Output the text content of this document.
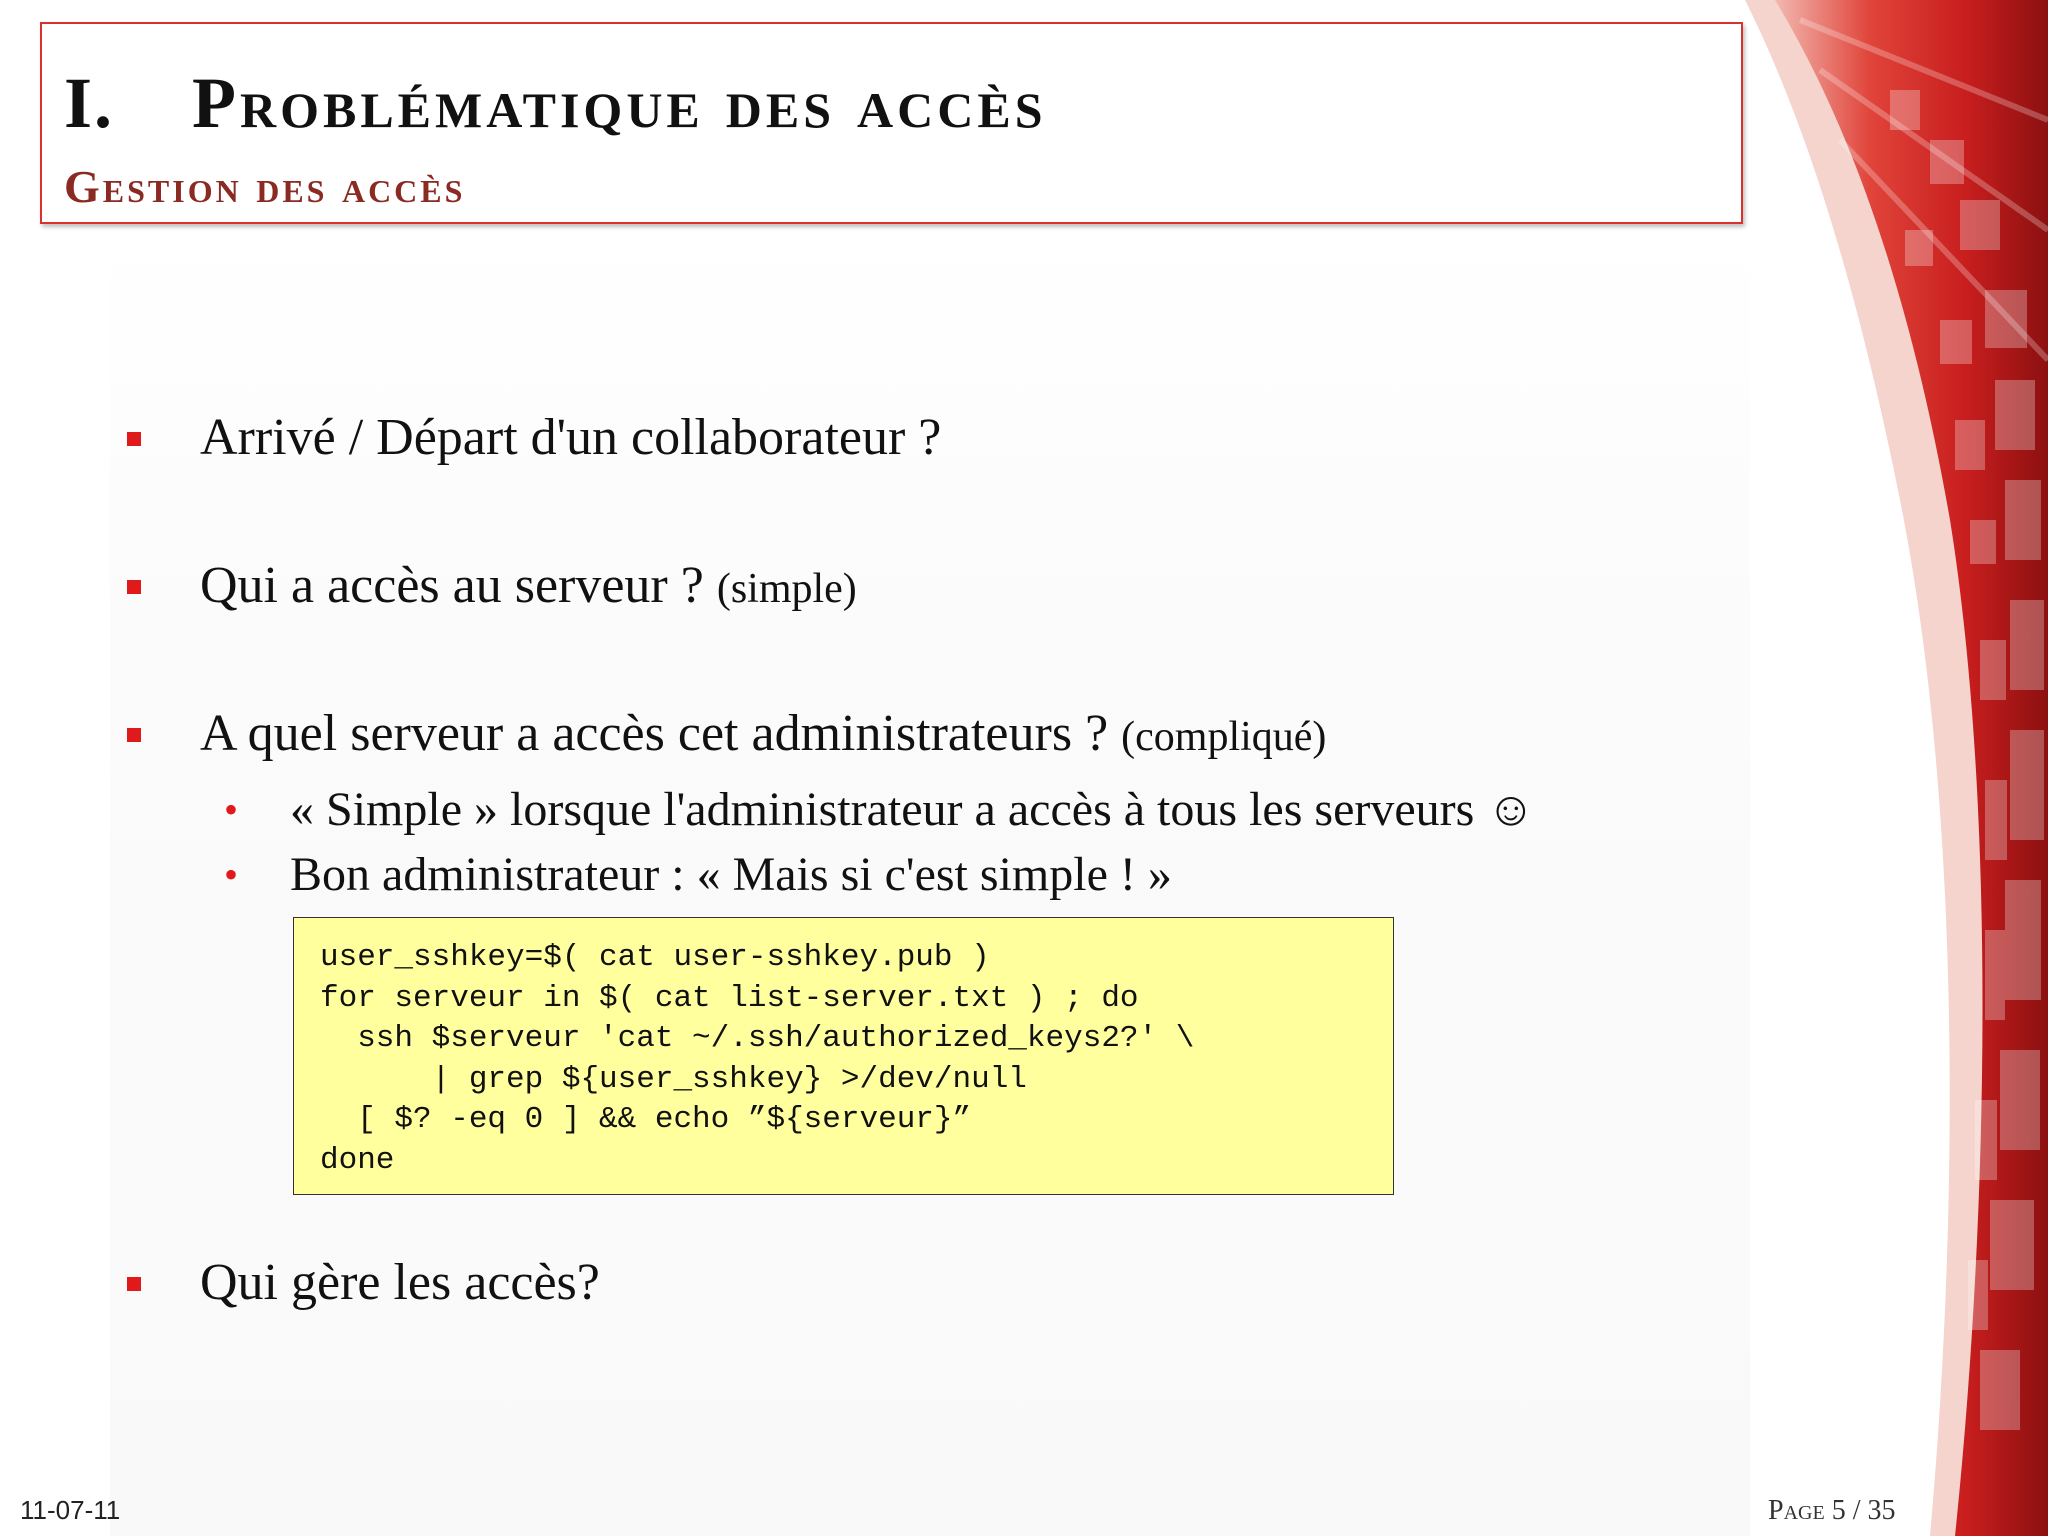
I. Problématique des accès
Gestion des accès
Arrivé / Départ d'un collaborateur ?
Qui a accès au serveur ? (simple)
A quel serveur a accès cet administrateurs ? (compliqué)
• « Simple » lorsque l'administrateur a accès à tous les serveurs ☺
• Bon administrateur : « Mais si c'est simple ! »
user_sshkey=$( cat user-sshkey.pub )
for serveur in $( cat list-server.txt ) ; do
ssh $serveur 'cat ~/.ssh/authorized_keys2?' \
| grep ${user_sshkey} >/dev/null
[ $? -eq 0 ] && echo ”${serveur}”
done
Qui gère les accès?
11-07-11	Page 5 / 35
